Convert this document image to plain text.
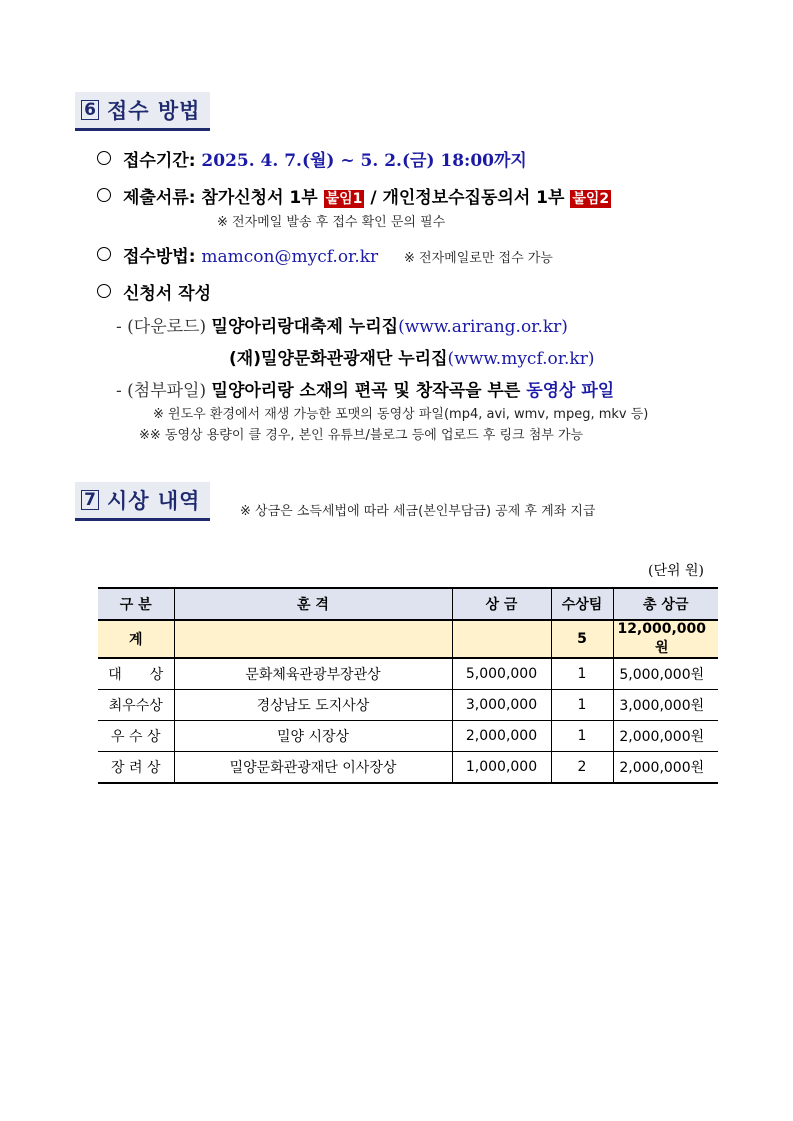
6 접수 방법
접수기간: 2025. 4. 7.(월) ~ 5. 2.(금) 18:00까지
제출서류: 참가신청서 1부 붙임1 / 개인정보수집동의서 1부 붙임2
※ 전자메일 발송 후 접수 확인 문의 필수
접수방법: mamcon@mycf.or.kr ※ 전자메일로만 접수 가능
신청서 작성
- (다운로드) 밀양아리랑대축제 누리집(www.arirang.or.kr)
(재)밀양문화관광재단 누리집(www.mycf.or.kr)
- (첨부파일) 밀양아리랑 소재의 편곡 및 창작곡을 부른 동영상 파일
※ 윈도우 환경에서 재생 가능한 포맷의 동영상 파일(mp4, avi, wmv, mpeg, mkv 등)
※※ 동영상 용량이 클 경우, 본인 유튜브/블로그 등에 업로드 후 링크 첨부 가능
7 시상 내역	※ 상금은 소득세법에 따라 세금(본인부담금) 공제 후 계좌 지급
(단위 원)
구 분	훈 격	상 금	수상팀	총 상금
계			5	12,000,000원
대　　상	문화체육관광부장관상	5,000,000	1	5,000,000원
최우수상	경상남도 도지사상	3,000,000	1	3,000,000원
우 수 상	밀양 시장상	2,000,000	1	2,000,000원
장 려 상	밀양문화관광재단 이사장상	1,000,000	2	2,000,000원
